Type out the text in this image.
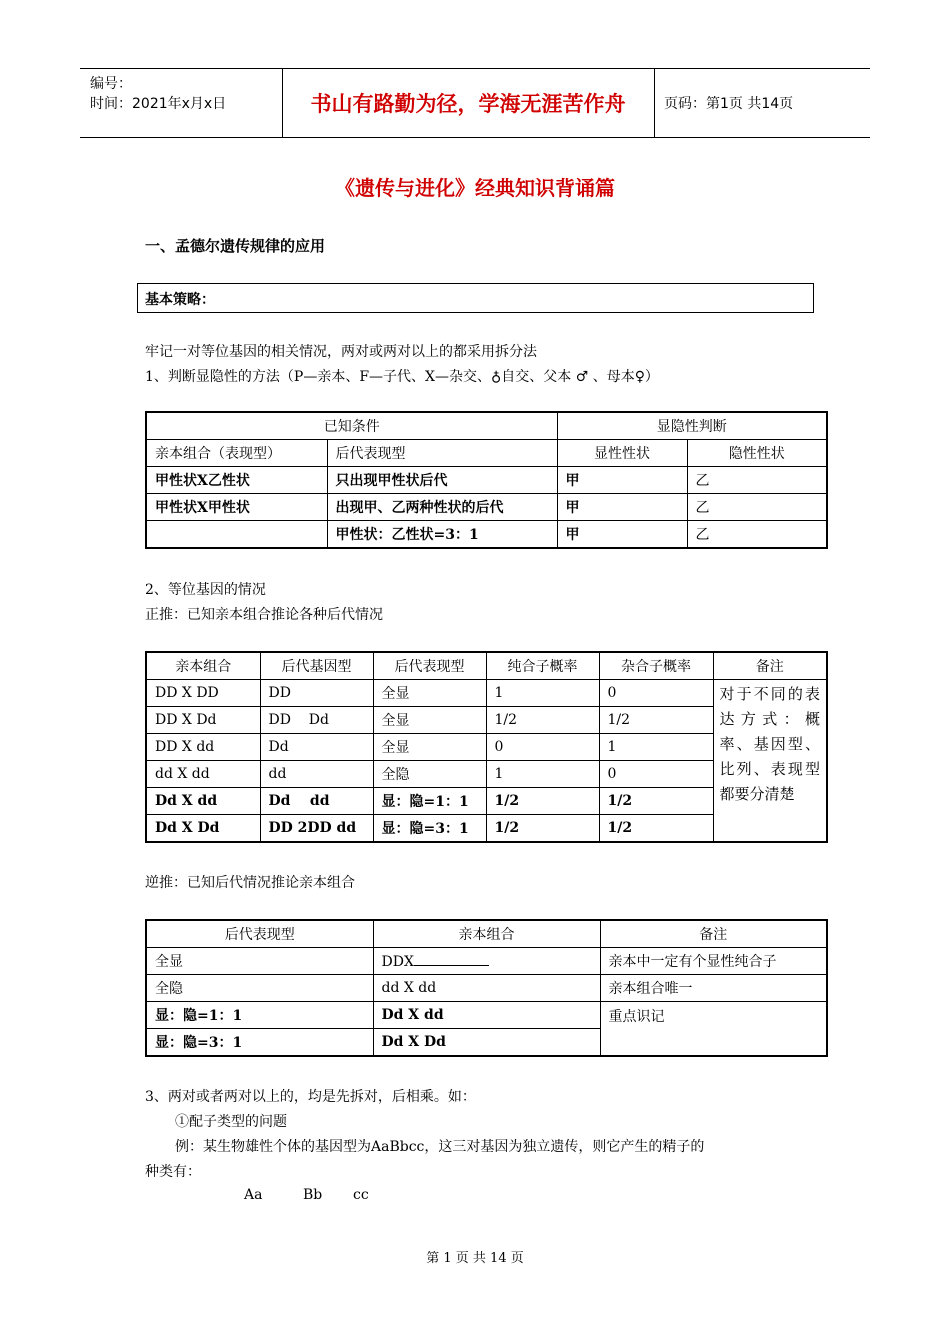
编号：
时间：2021年x月x日	书山有路勤为径，学海无涯苦作舟	页码：第1页 共14页
《遗传与进化》经典知识背诵篇
一、孟德尔遗传规律的应用
基本策略：
牢记一对等位基因的相关情况，两对或两对以上的都采用拆分法
1、判断显隐性的方法（P—亲本、F—子代、X—杂交、♁自交、父本 ♂ 、母本♀）
已知条件		显隐性判断	
亲本组合（表现型）	后代表现型	显性性状	隐性性状
甲性状X乙性状	只出现甲性状后代	甲	乙
甲性状X甲性状	出现甲、乙两种性状的后代	甲	乙
	甲性状：乙性状=3：1	甲	乙
2、等位基因的情况
正推：已知亲本组合推论各种后代情况
亲本组合	后代基因型	后代表现型	纯合子概率	杂合子概率	备注
DD X DD	DD	全显	1	0	对于不同的表达方式：概率、基因型、比列、表现型都要分清楚
DD X Dd	DD    Dd	全显	1/2	1/2	
DD X dd	Dd	全显	0	1	
dd X dd	dd	全隐	1	0	
Dd X dd	Dd    dd	显：隐=1：1	1/2	1/2	
Dd X Dd	DD 2DD dd	显：隐=3：1	1/2	1/2	
逆推：已知后代情况推论亲本组合
后代表现型	亲本组合	备注
全显	DDX	亲本中一定有个显性纯合子
全隐	dd X dd	亲本组合唯一
显：隐=1：1	Dd X dd	重点识记
显：隐=3：1	Dd X Dd	
3、两对或者两对以上的，均是先拆对，后相乘。如：
①配子类型的问题
例：某生物雄性个体的基因型为AaBbcc，这三对基因为独立遗传，则它产生的精子的
种类有：
Aa	Bb cc
第 1 页 共 14 页
